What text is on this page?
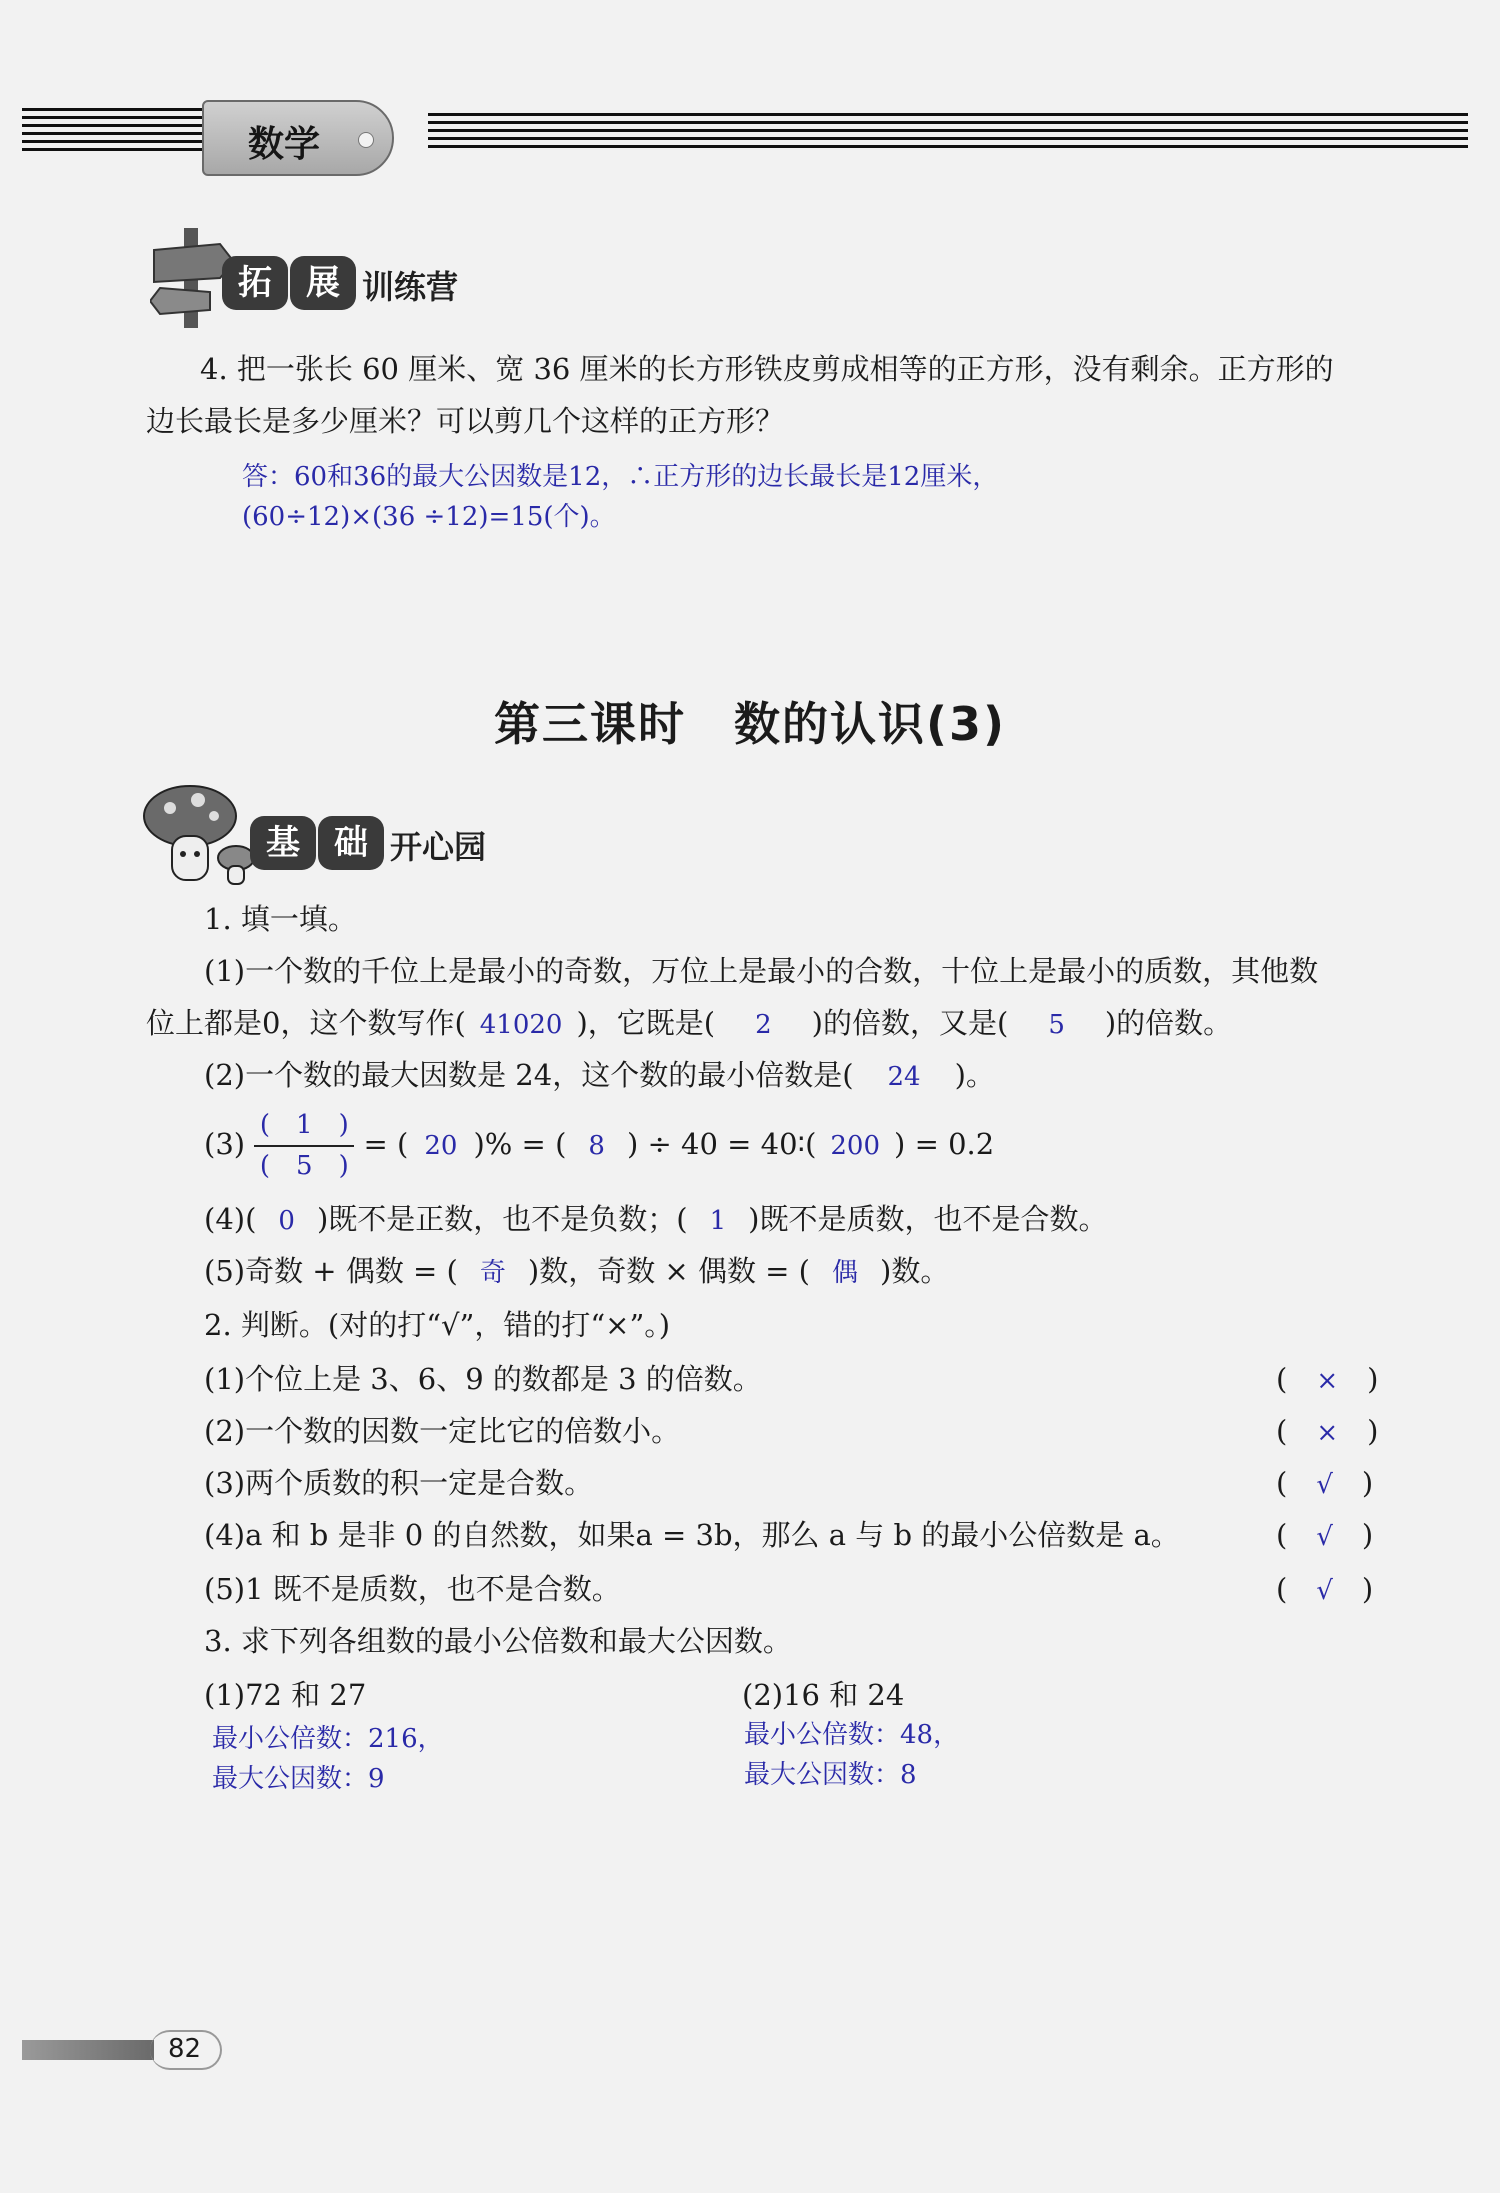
数学
拓	展 训练营
4. 把一张长 60 厘米、宽 36 厘米的长方形铁皮剪成相等的正方形，没有剩余。正方形的
边长最长是多少厘米？可以剪几个这样的正方形？
答：60和36的最大公因数是12，∴正方形的边长最长是12厘米，
(60÷12)×(36 ÷12)=15(个)。
第三课时　数的认识(3)
基	础 开心园
1. 填一填。
(1)一个数的千位上是最小的奇数，万位上是最小的合数，十位上是最小的质数，其他数
位上都是0，这个数写作( 41020 )，它既是( 2 )的倍数，又是( 5 )的倍数。
(2)一个数的最大因数是 24，这个数的最小倍数是( 24 )。
$(3) \frac{( 1 )}{( 5 )}$ = ( 20 )% = ( 8 ) ÷ 40 = 40∶( 200 ) = 0.2
(4)( 0 )既不是正数，也不是负数；( 1 )既不是质数，也不是合数。
(5)奇数 + 偶数 = ( 奇 )数，奇数 × 偶数 = ( 偶 )数。
2. 判断。(对的打“√”，错的打“×”。)
(1)个位上是 3、6、9 的数都是 3 的倍数。	(　×　)
(2)一个数的因数一定比它的倍数小。	(　×　)
(3)两个质数的积一定是合数。	(　√　)
(4)a 和 b 是非 0 的自然数，如果a = 3b，那么 a 与 b 的最小公倍数是 a。	(　√　)
(5)1 既不是质数，也不是合数。	(　√　)
3. 求下列各组数的最小公倍数和最大公因数。
(1)72 和 27
最小公倍数：216，
最大公因数：9
(2)16 和 24
最小公倍数：48，
最大公因数：8
82
